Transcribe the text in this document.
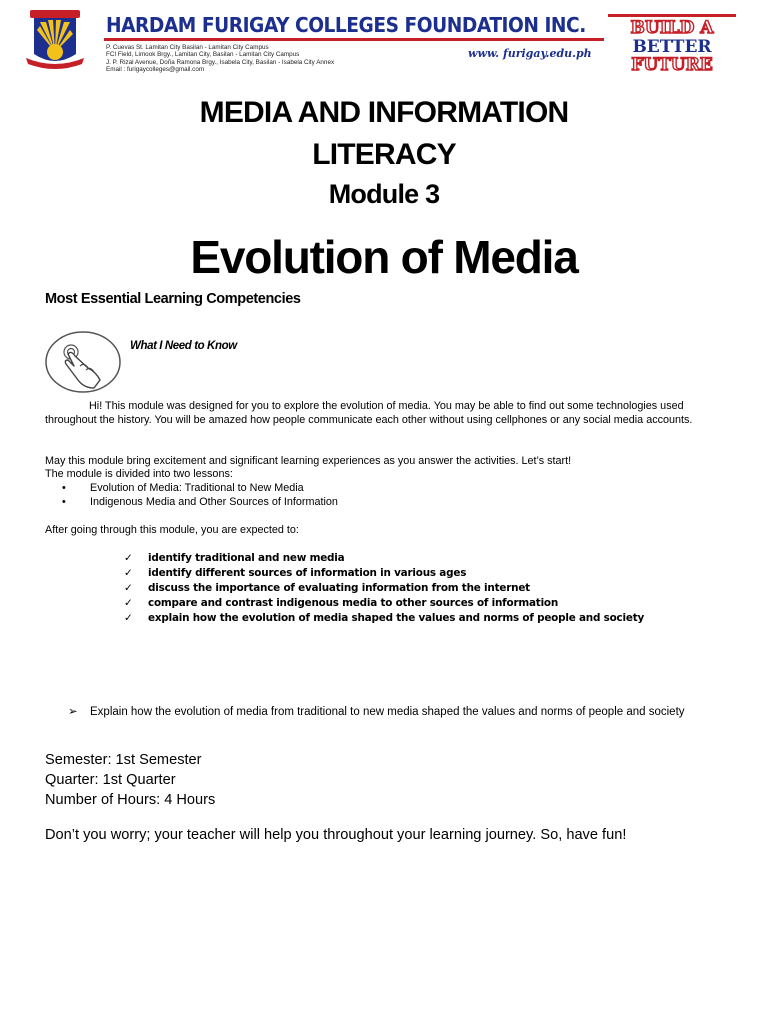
HARDAM FURIGAY COLLEGES FOUNDATION INC.
P. Cuevas St. Lamitan City Basilan - Lamitan City Campus
FCI Field, Limook Brgy., Lamitan City, Basilan - Lamitan City Campus
J. P. Rizal Avenue, Doña Ramona Brgy., Isabela City, Basilan - Isabela City Annex
Email : furigaycolleges@gmail.com
www. furigay.edu.ph
BUILD A
BETTER
FUTURE
MEDIA AND INFORMATION
LITERACY
Module 3
Evolution of Media
Most Essential Learning Competencies
What I Need to Know
Hi! This module was designed for you to explore the evolution of media. You may be able to find out some technologies used throughout the history. You will be amazed how people communicate each other without using cellphones or any social media accounts.
May this module bring excitement and significant learning experiences as you answer the activities. Let’s start!
The module is divided into two lessons:
•	Evolution of Media: Traditional to New Media
•	Indigenous Media and Other Sources of Information
After going through this module, you are expected to:
✓	identify traditional and new media
✓	identify different sources of information in various ages
✓	discuss the importance of evaluating information from the internet
✓	compare and contrast indigenous media to other sources of information
✓	explain how the evolution of media shaped the values and norms of people and society
➢	Explain how the evolution of media from traditional to new media shaped the values and norms of people and society
Semester: 1st Semester
Quarter: 1st Quarter
Number of Hours: 4 Hours
Don’t you worry; your teacher will help you throughout your learning journey. So, have fun!
